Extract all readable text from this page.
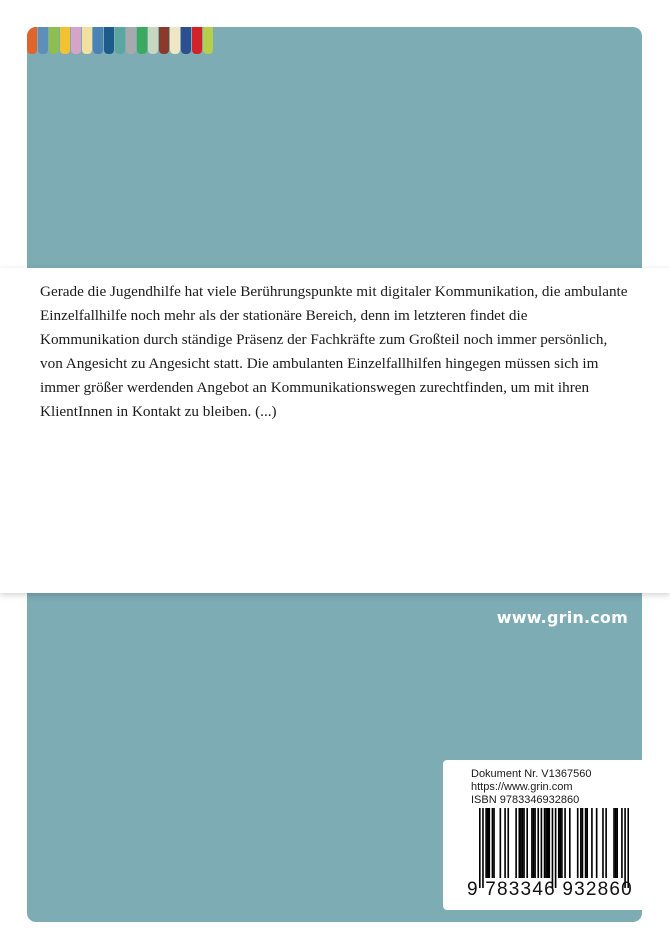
Gerade die Jugendhilfe hat viele Berührungspunkte mit digitaler Kommunikation, die ambulante Einzelfallhilfe noch mehr als der stationäre Bereich, denn im letzteren findet die Kommunikation durch ständige Präsenz der Fachkräfte zum Großteil noch immer persönlich, von Angesicht zu Angesicht statt. Die ambulanten Einzelfallhilfen hingegen müssen sich im immer größer werdenden Angebot an Kommunikationswegen zurechtfinden, um mit ihren KlientInnen in Kontakt zu bleiben. (...)

www.grin.com
Dokument Nr. V1367560
https://www.grin.com
ISBN 9783346932860
9 783346 932860
